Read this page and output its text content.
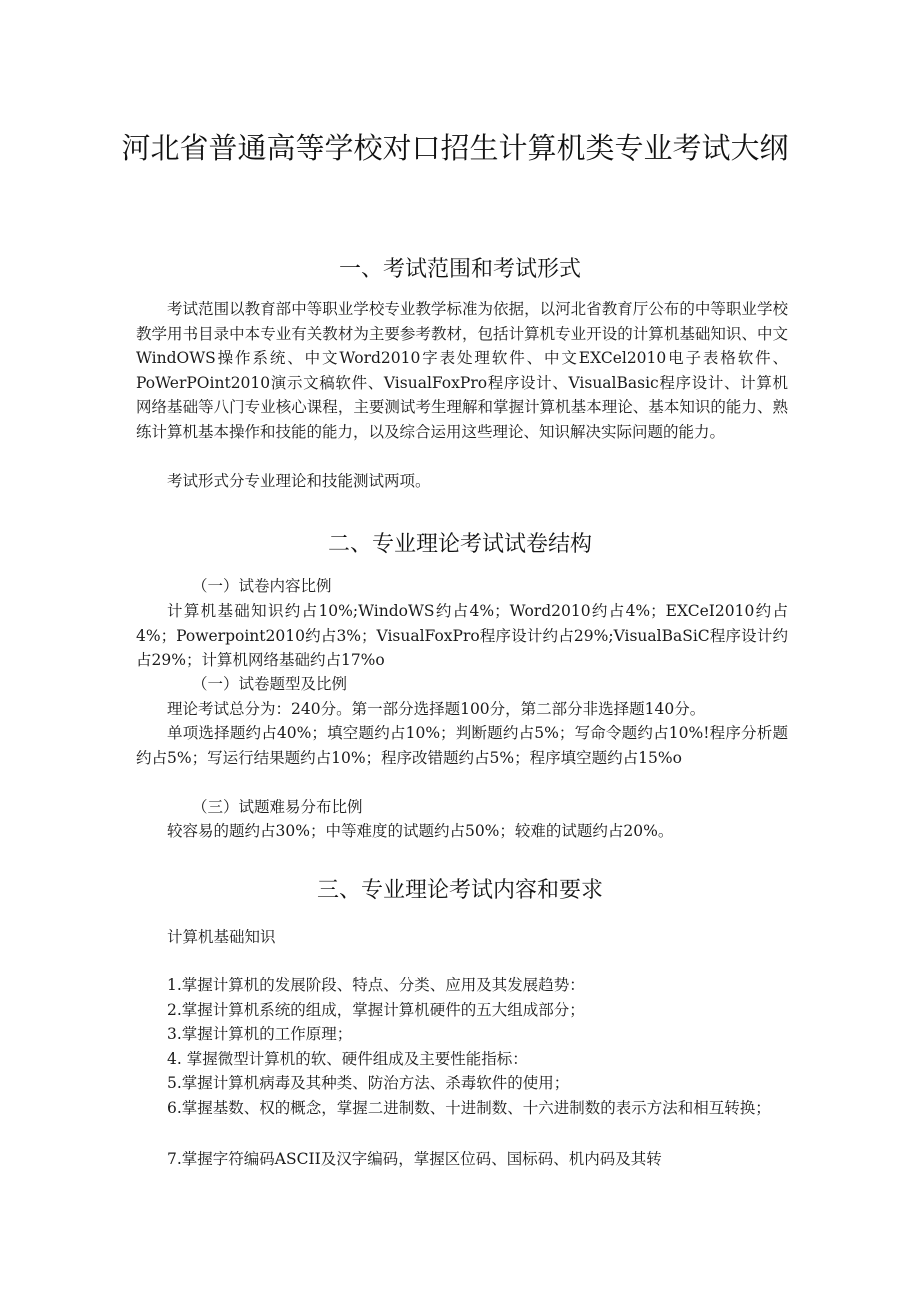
河北省普通高等学校对口招生计算机类专业考试大纲
一、考试范围和考试形式

考试范围以教育部中等职业学校专业教学标准为依据，以河北省教育厅公布的中等职业学校教学用书目录中本专业有关教材为主要参考教材，包括计算机专业开设的计算机基础知识、中文WindOWS操作系统、中文Word2010字表处理软件、中文EXCel2010电子表格软件、PoWerPOint2010演示文稿软件、VisualFoxPro程序设计、VisualBasic程序设计、计算机网络基础等八门专业核心课程，主要测试考生理解和掌握计算机基本理论、基本知识的能力、熟练计算机基本操作和技能的能力，以及综合运用这些理论、知识解决实际问题的能力。

考试形式分专业理论和技能测试两项。

二、专业理论考试试卷结构

（一）试卷内容比例

计算机基础知识约占10%;WindoWS约占4%；Word2010约占4%；EXCeI2010约占4%；Powerpoint2010约占3%；VisualFoxPro程序设计约占29%;VisualBaSiC程序设计约占29%；计算机网络基础约占17%o

（一）试卷题型及比例

理论考试总分为：240分。第一部分选择题100分，第二部分非选择题140分。

单项选择题约占40%；填空题约占10%；判断题约占5%；写命令题约占10%!程序分析题约占5%；写运行结果题约占10%；程序改错题约占5%；程序填空题约占15%o

（三）试题难易分布比例

较容易的题约占30%；中等难度的试题约占50%；较难的试题约占20%。

三、专业理论考试内容和要求

计算机基础知识

1.掌握计算机的发展阶段、特点、分类、应用及其发展趋势：

2.掌握计算机系统的组成，掌握计算机硬件的五大组成部分；

3.掌握计算机的工作原理；

4. 掌握微型计算机的软、硬件组成及主要性能指标：

5.掌握计算机病毒及其种类、防治方法、杀毒软件的使用；

6.掌握基数、权的概念，掌握二进制数、十进制数、十六进制数的表示方法和相互转换；

7.掌握字符编码ASCII及汉字编码，掌握区位码、国标码、机内码及其转
